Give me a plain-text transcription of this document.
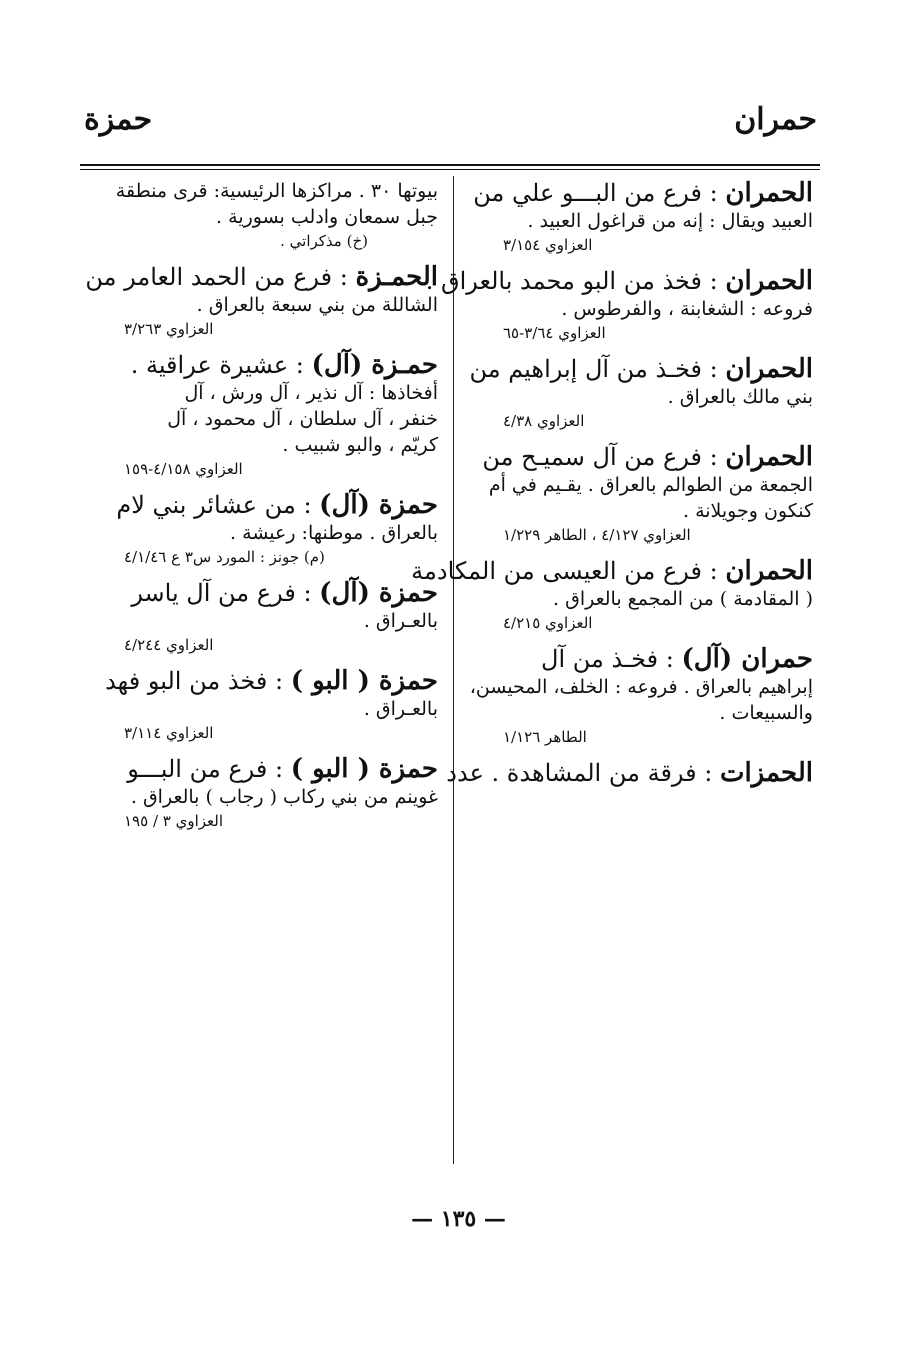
حمران
حمزة
الحمران : فرع من البـــو علي من
العبيد ويقال : إنه من قراغول العبيد .
العزاوي ٣/١٥٤
الحمران : فخذ من البو محمد بالعراق .
فروعه : الشغابنة ، والفرطوس .
العزاوي ٣/٦٤-٦٥
الحمران : فخـذ من آل إبراهيم من
بني مالك بالعراق .
العزاوي ٤/٣٨
الحمران : فرع من آل سميـح من
الجمعة من الطوالم بالعراق . يقـيم في أم
كنكون وجويلانة .
العزاوي ٤/١٢٧ ، الطاهر ١/٢٢٩
الحمران : فرع من العيسى من المكادمة
( المقادمة ) من المجمع بالعراق .
العزاوي ٤/٢١٥
حمران (آل) : فخـذ من آل
إبراهيم بالعراق . فروعه : الخلف، المحيسن،
والسبيعات .
الطاهر ١/١٢٦
الحمزات : فرقة من المشاهدة . عدد
بيوتها ٣٠ . مراكزها الرئيسية: قرى منطقة
جبل سمعان وادلب بسورية .
(خ) مذكراتي .
الحمـزة : فرع من الحمد العامر من
الشاللة من بني سبعة بالعراق .
العزاوي ٣/٢٦٣
حمـزة (آل) : عشيرة عراقية .
أفخاذها : آل نذير ، آل ورش ، آل
خنفر ، آل سلطان ، آل محمود ، آل
كريّم ، والبو شبيب .
العزاوي ٤/١٥٨-١٥٩
حمزة (آل) : من عشائر بني لام
بالعراق . موطنها: رعيشة .
(م) جونز : المورد س٣ ع ٤/١/٤٦
حمزة (آل) : فرع من آل ياسر
بالعـراق .
العزاوي ٤/٢٤٤
حمزة ( البو ) : فخذ من البو فهد
بالعـراق .
العزاوي ٣/١١٤
حمزة ( البو ) : فرع من البـــو
غوينم من بني ركاب ( رجاب ) بالعراق .
العزاوي ٣ / ١٩٥
— ١٣٥ —
